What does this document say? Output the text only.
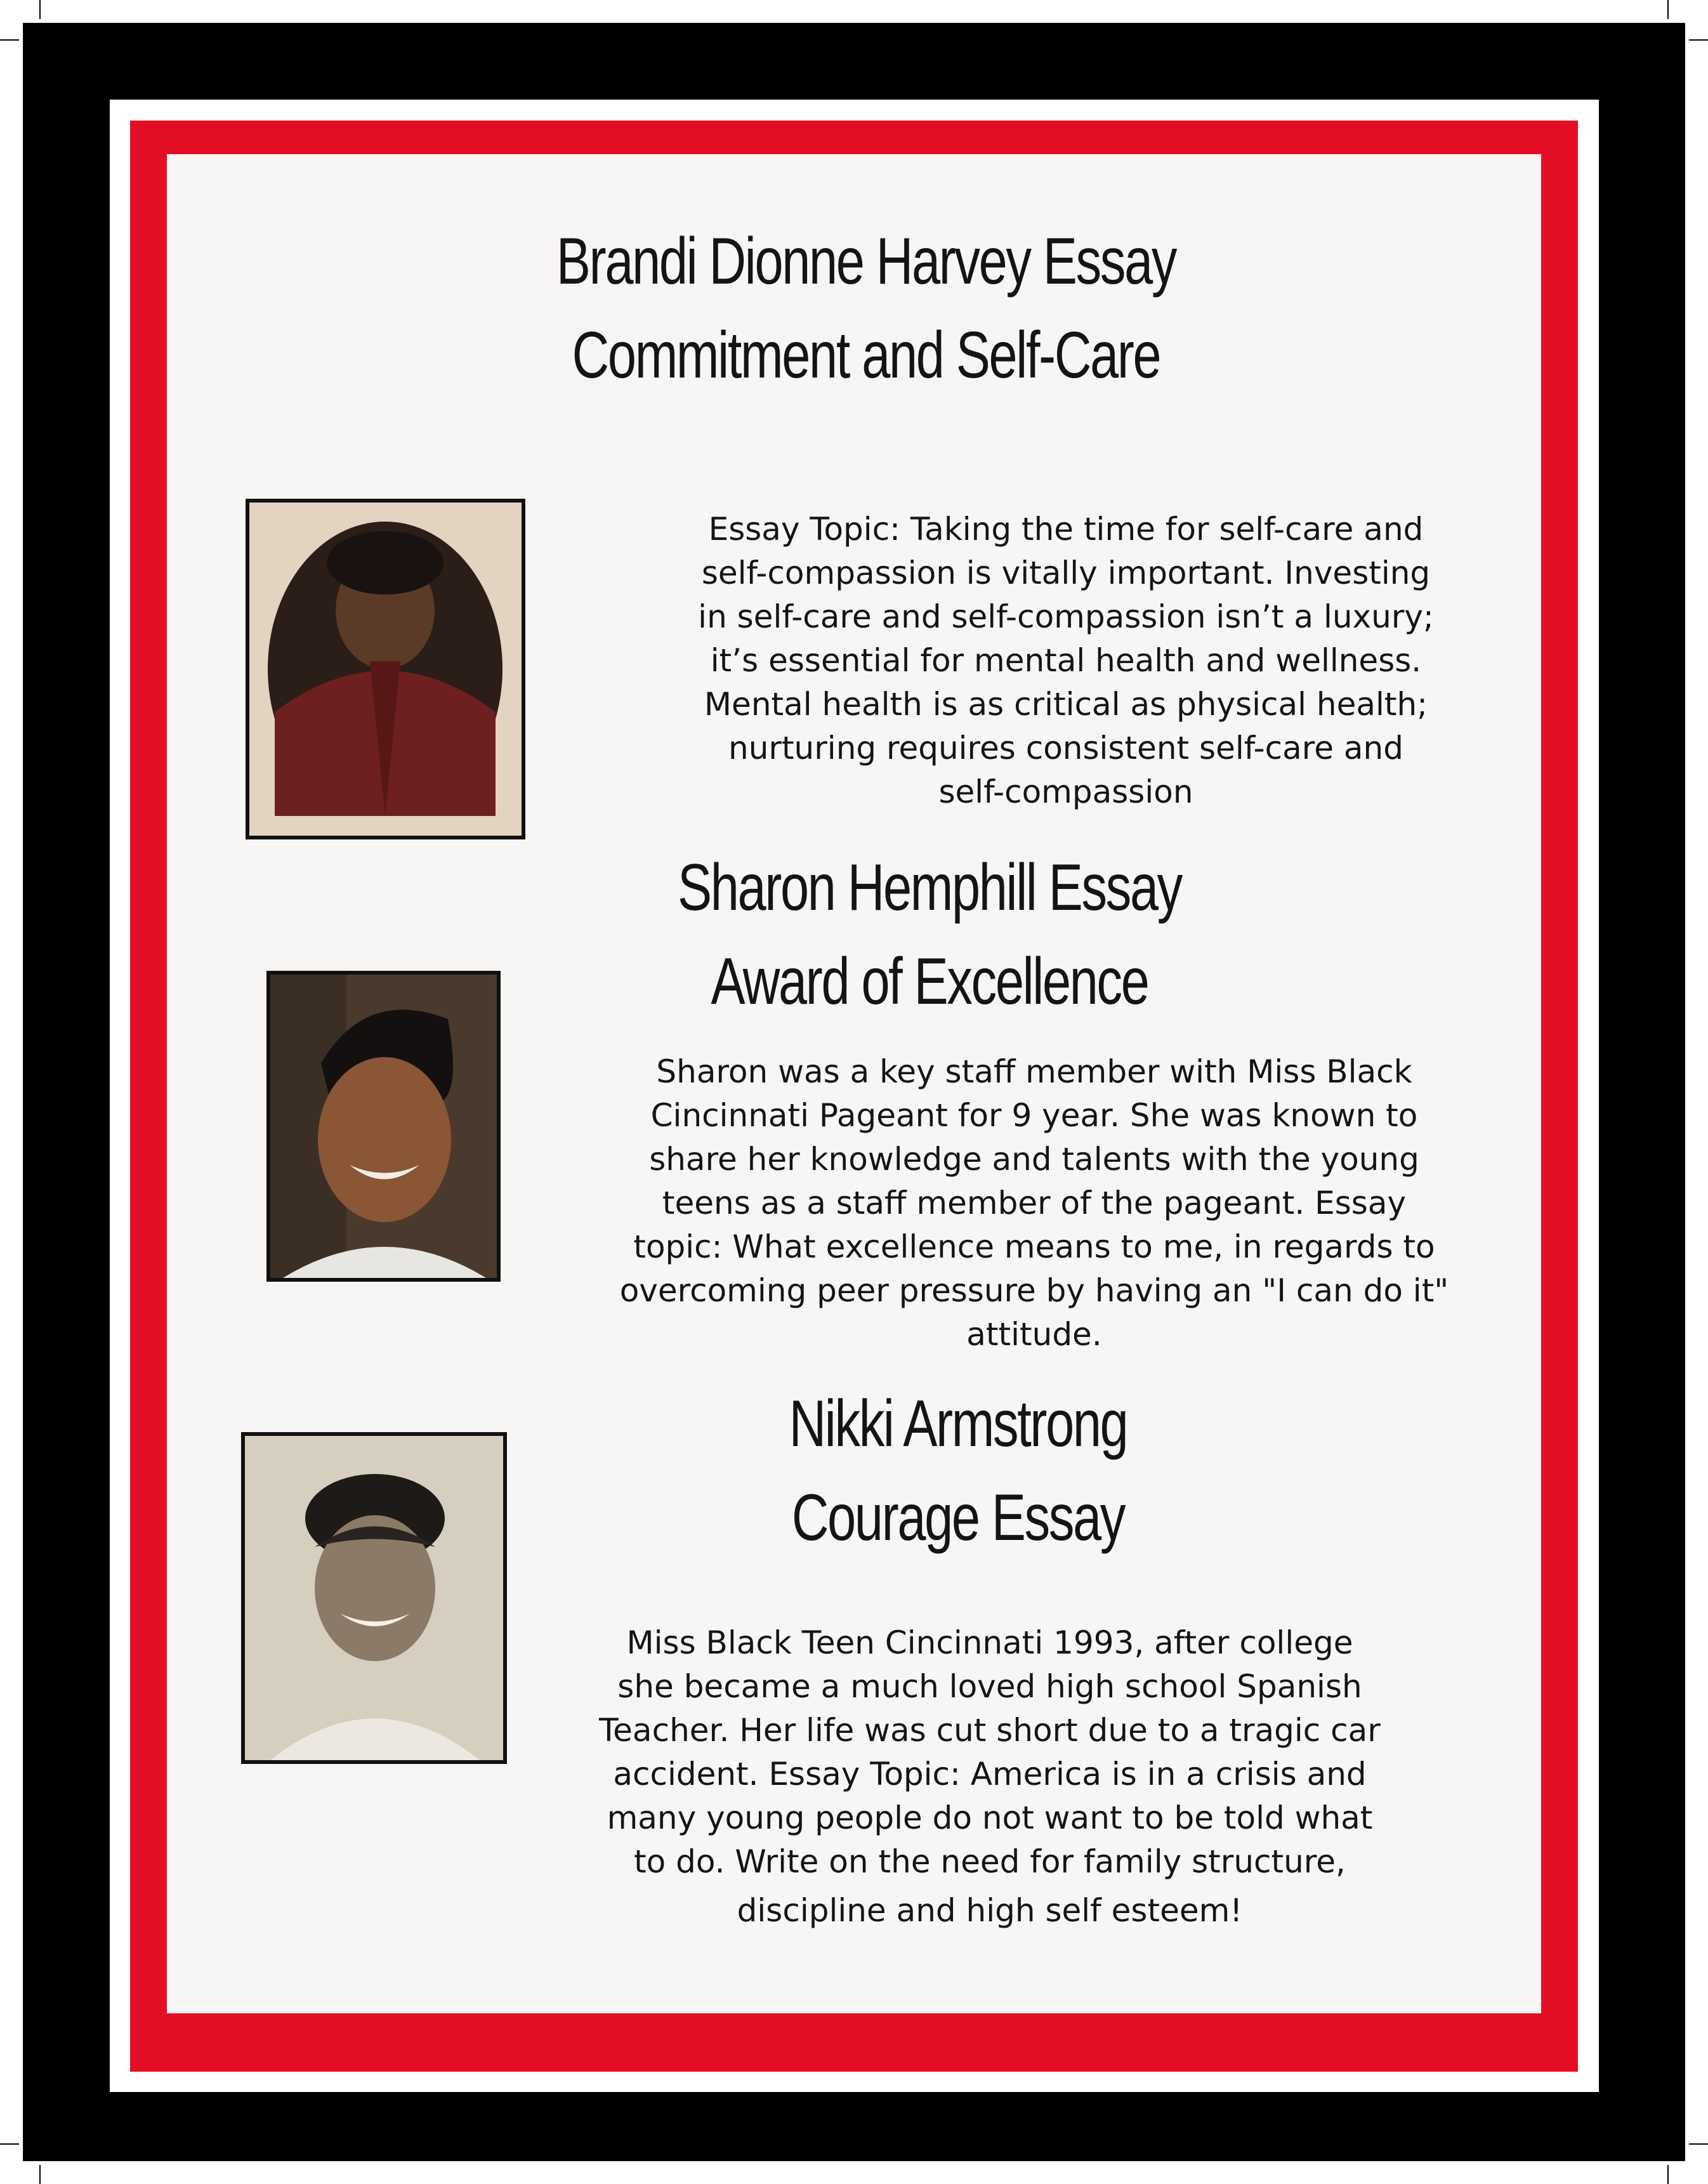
Brandi Dionne Harvey Essay
Commitment and Self-Care
Essay Topic: Taking the time for self-care and
self-compassion is vitally important. Investing
in self-care and self-compassion isn’t a luxury;
it’s essential for mental health and wellness.
Mental health is as critical as physical health;
nurturing requires consistent self-care and
self-compassion
Sharon Hemphill Essay
Award of Excellence
Sharon was a key staff member with Miss Black
Cincinnati Pageant for 9 year. She was known to
share her knowledge and talents with the young
teens as a staff member of the pageant. Essay
topic: What excellence means to me, in regards to
overcoming peer pressure by having an "I can do it"
attitude.
Nikki Armstrong
Courage Essay
Miss Black Teen Cincinnati 1993, after college
she became a much loved high school Spanish
Teacher. Her life was cut short due to a tragic car
accident. Essay Topic: America is in a crisis and
many young people do not want to be told what
to do. Write on the need for family structure,
discipline and high self esteem!
